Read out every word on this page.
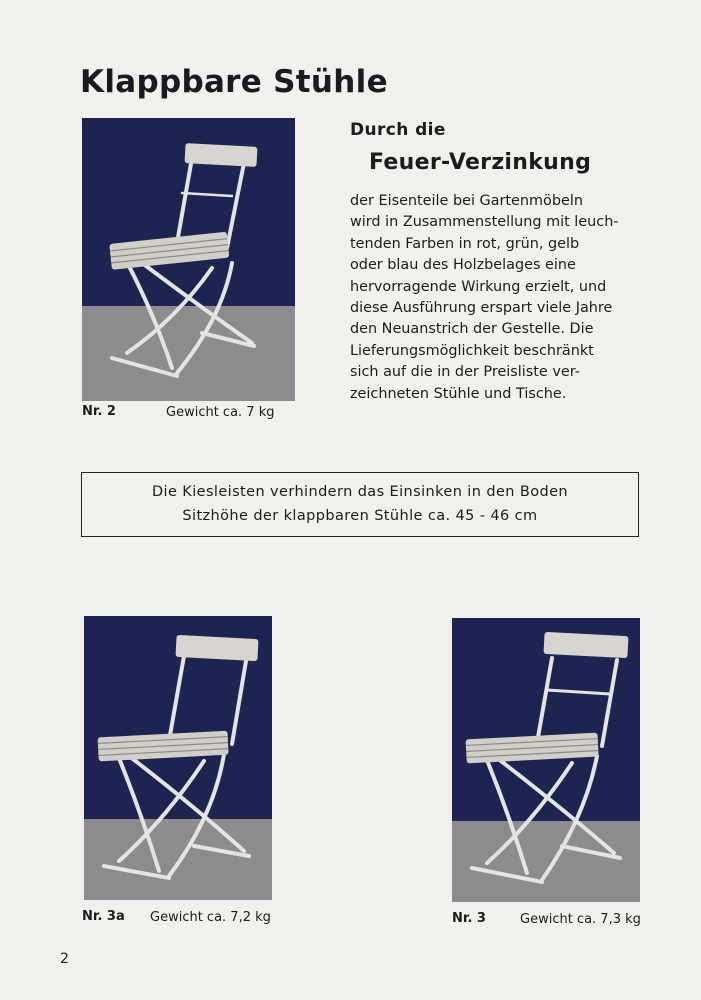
Klappbare Stühle
Nr. 2	Gewicht ca. 7 kg
Durch die
Feuer-Verzinkung
der Eisenteile bei Gartenmöbeln
wird in Zusammenstellung mit leuch-
tenden Farben in rot, grün, gelb
oder blau des Holzbelages eine
hervorragende Wirkung erzielt, und
diese Ausführung erspart viele Jahre
den Neuanstrich der Gestelle. Die
Lieferungsmöglichkeit beschränkt
sich auf die in der Preisliste ver-
zeichneten Stühle und Tische.
Die Kiesleisten verhindern das Einsinken in den Boden
Sitzhöhe der klappbaren Stühle ca. 45 - 46 cm
Nr. 3a Gewicht ca. 7,2 kg	Nr. 3	Gewicht ca. 7,3 kg
2
